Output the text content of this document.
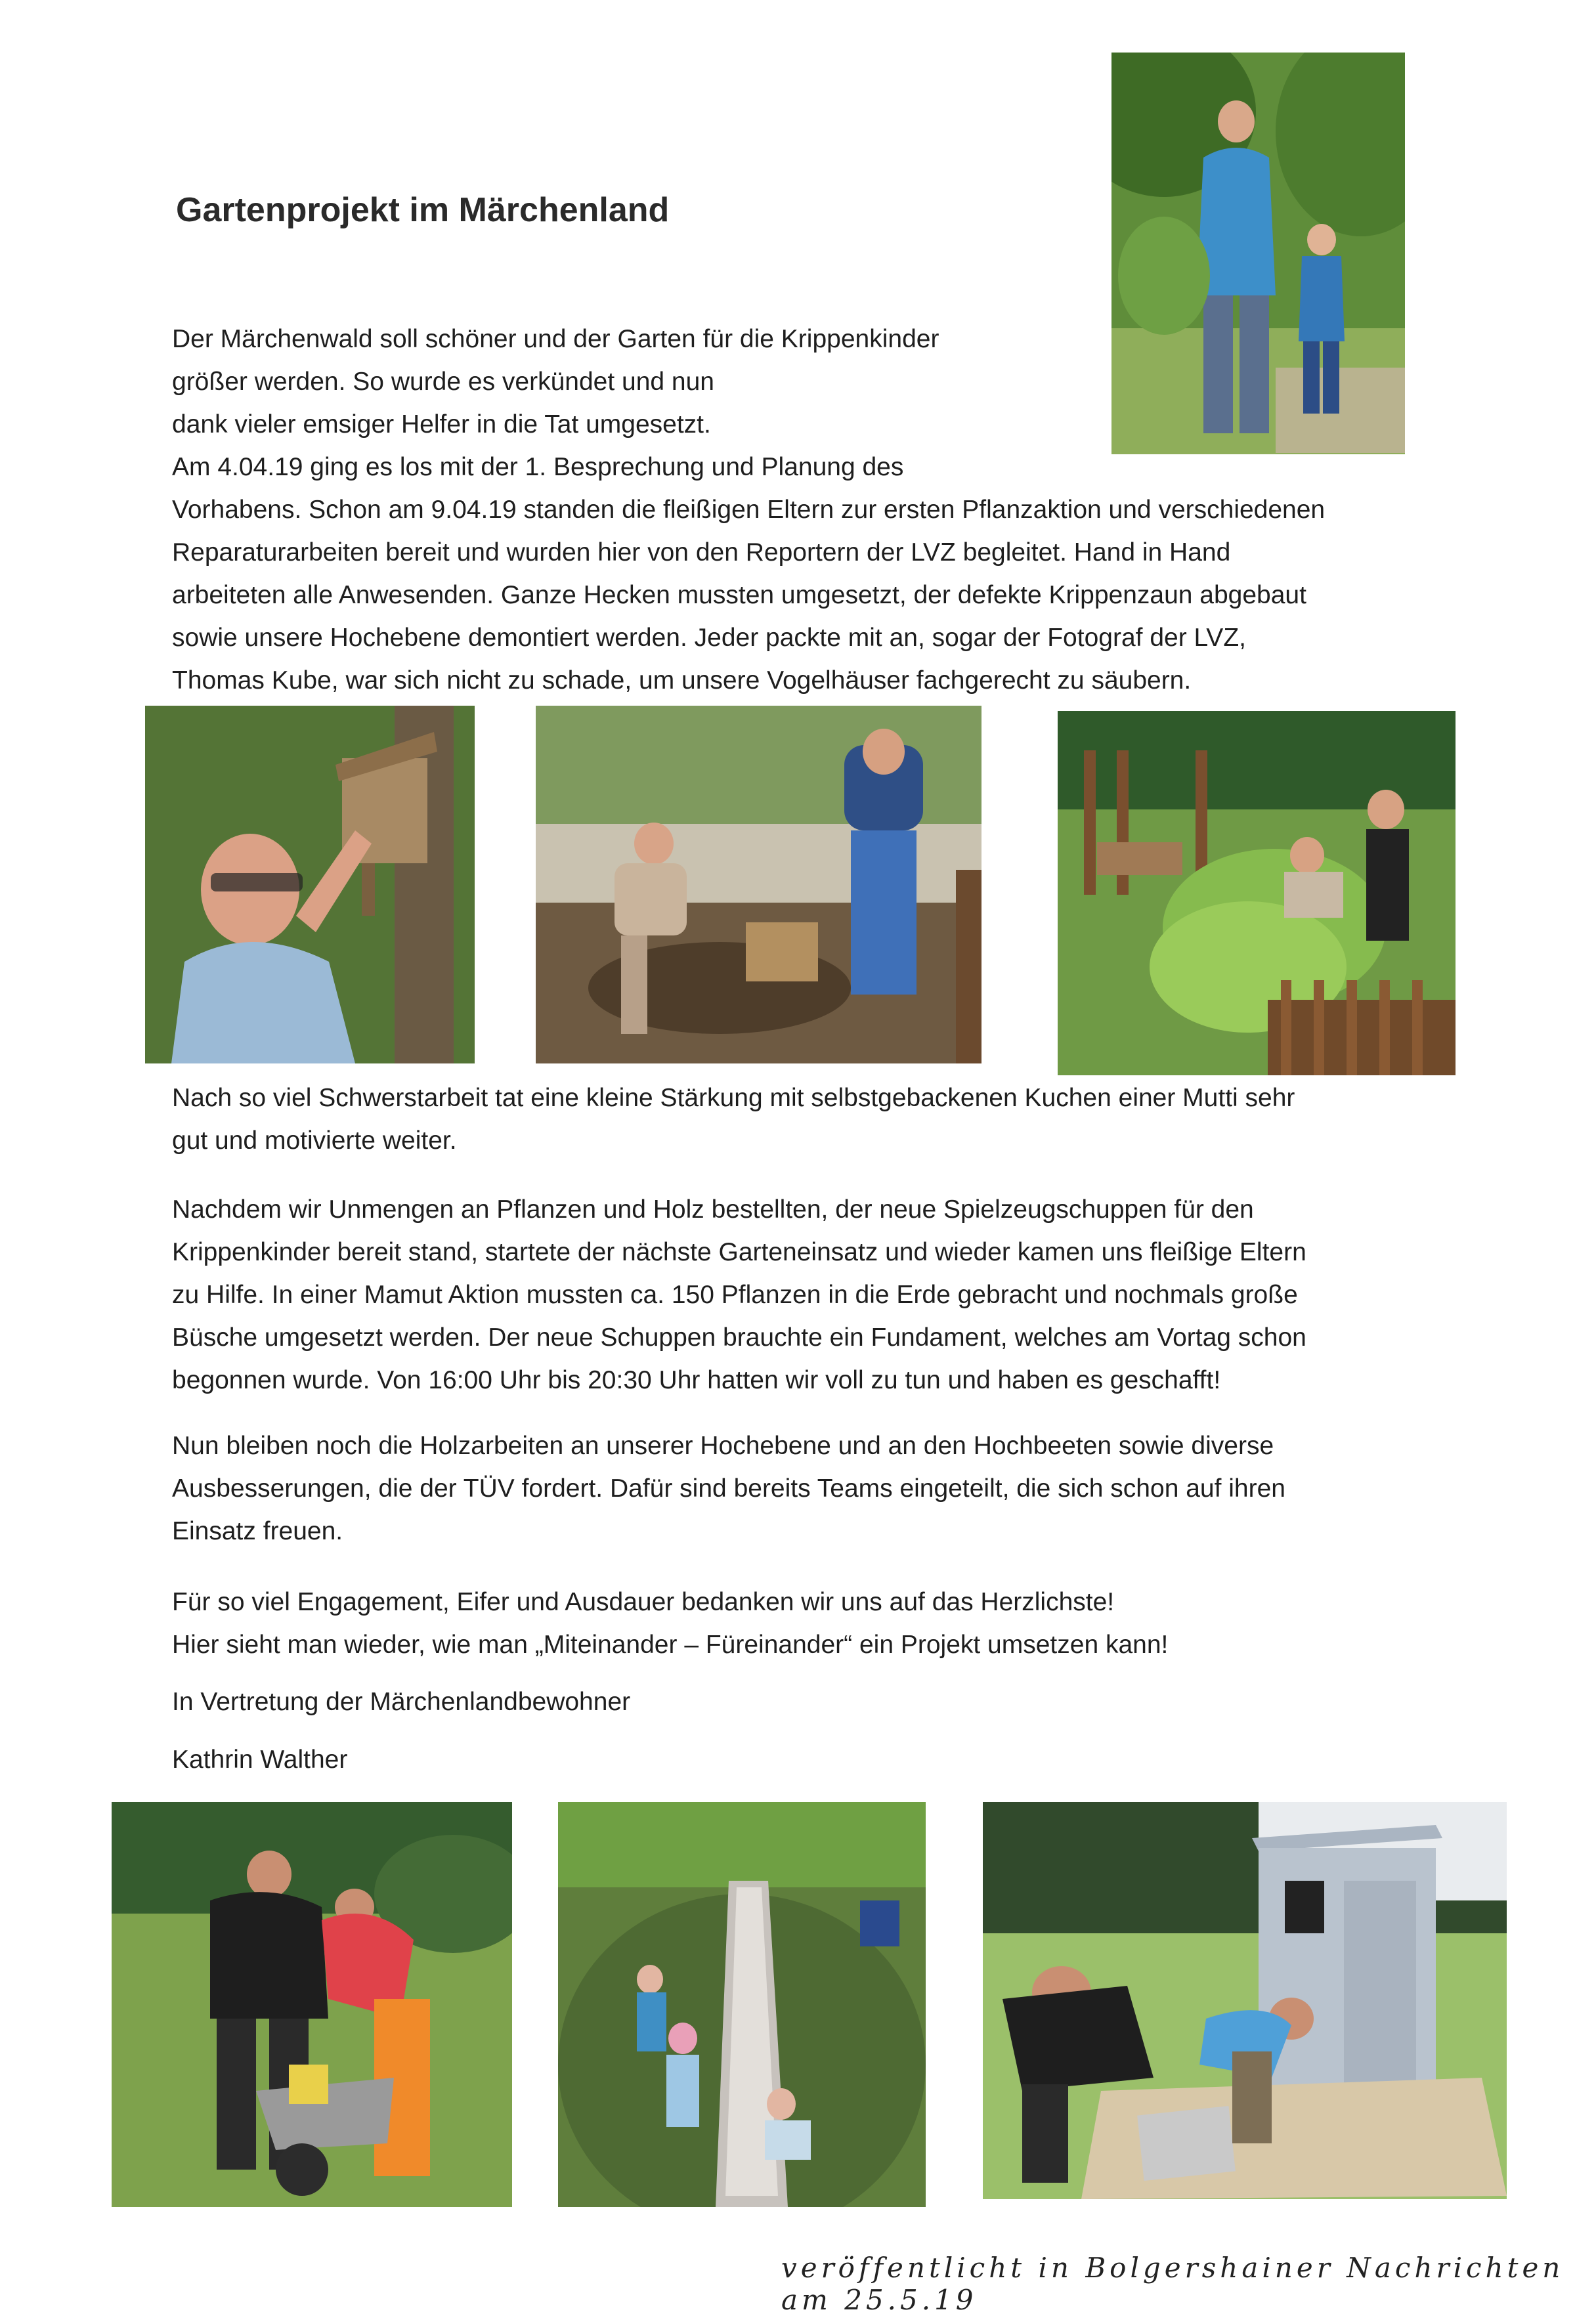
Gartenprojekt im Märchenland
Der Märchenwald soll schöner und der Garten für die Krippenkinder
größer werden. So wurde es verkündet und nun
dank vieler emsiger Helfer in die Tat umgesetzt.
Am 4.04.19 ging es los mit der 1. Besprechung und Planung des
Vorhabens. Schon am 9.04.19 standen die fleißigen Eltern zur ersten Pflanzaktion und verschiedenen
Reparaturarbeiten bereit und wurden hier von den Reportern der LVZ begleitet. Hand in Hand
arbeiteten alle Anwesenden. Ganze Hecken mussten umgesetzt, der defekte Krippenzaun abgebaut
sowie unsere Hochebene demontiert werden. Jeder packte mit an, sogar der Fotograf der LVZ,
Thomas Kube, war sich nicht zu schade, um unsere Vogelhäuser fachgerecht zu säubern.
Nach so viel Schwerstarbeit tat eine kleine Stärkung mit selbstgebackenen Kuchen einer Mutti sehr
gut und motivierte weiter.
Nachdem wir Unmengen an Pflanzen und Holz bestellten, der neue Spielzeugschuppen für den
Krippenkinder bereit stand, startete der nächste Garteneinsatz und wieder kamen uns fleißige Eltern
zu Hilfe. In einer Mamut Aktion mussten ca. 150 Pflanzen in die Erde gebracht und nochmals große
Büsche umgesetzt werden. Der neue Schuppen brauchte ein Fundament, welches am Vortag schon
begonnen wurde. Von 16:00 Uhr bis 20:30 Uhr hatten wir voll zu tun und haben es geschafft!
Nun bleiben noch die Holzarbeiten an unserer Hochebene und an den Hochbeeten sowie diverse
Ausbesserungen, die der TÜV fordert. Dafür sind bereits Teams eingeteilt, die sich schon auf ihren
Einsatz freuen.
Für so viel Engagement, Eifer und Ausdauer bedanken wir uns auf das Herzlichste!
Hier sieht man wieder, wie man „Miteinander – Füreinander“ ein Projekt umsetzen kann!
In Vertretung der Märchenlandbewohner
Kathrin Walther

veröffentlicht in Bolgershainer Nachrichten am 25.5.19
